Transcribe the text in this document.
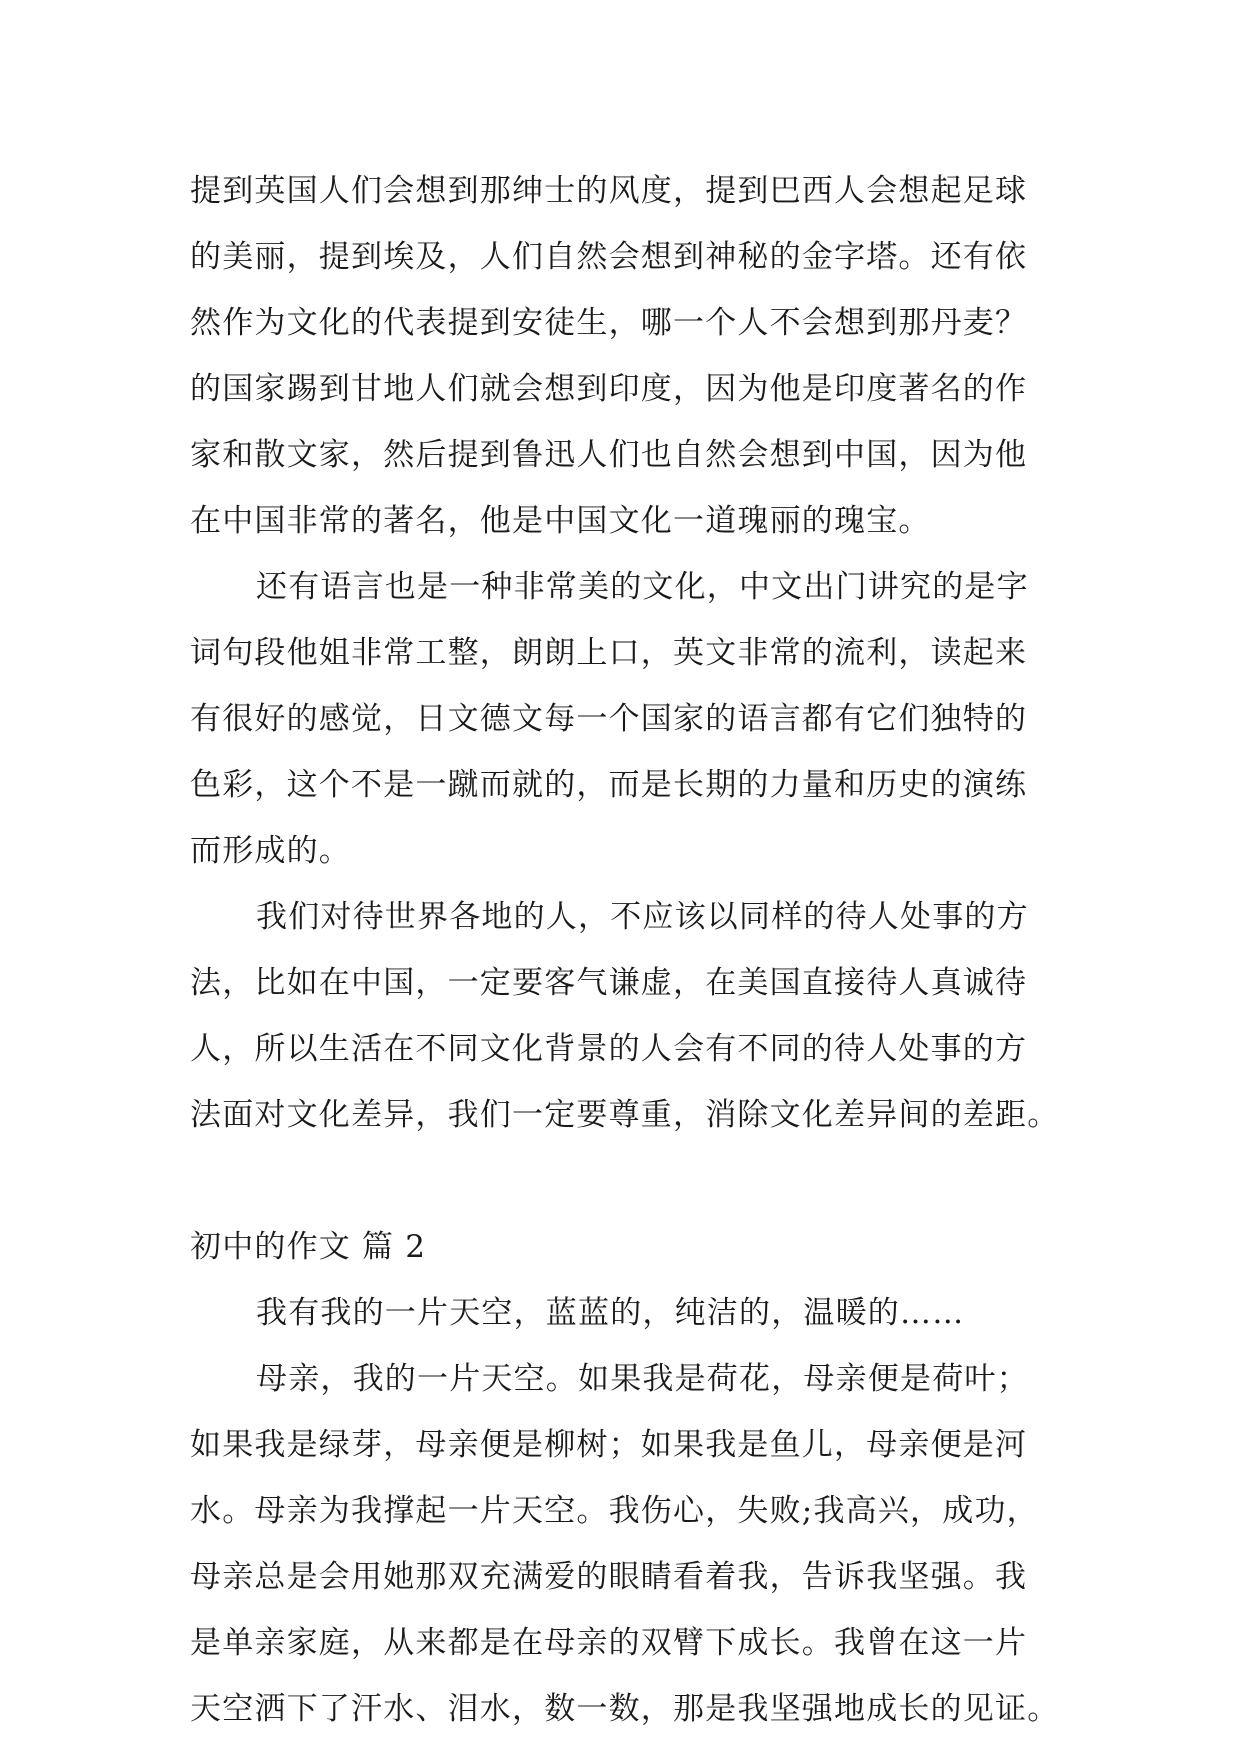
提到英国人们会想到那绅士的风度，提到巴西人会想起足球
的美丽，提到埃及，人们自然会想到神秘的金字塔。还有依
然作为文化的代表提到安徒生，哪一个人不会想到那丹麦？
的国家踢到甘地人们就会想到印度，因为他是印度著名的作
家和散文家，然后提到鲁迅人们也自然会想到中国，因为他
在中国非常的著名，他是中国文化一道瑰丽的瑰宝。
还有语言也是一种非常美的文化，中文出门讲究的是字
词句段他姐非常工整，朗朗上口，英文非常的流利，读起来
有很好的感觉，日文德文每一个国家的语言都有它们独特的
色彩，这个不是一蹴而就的，而是长期的力量和历史的演练
而形成的。
我们对待世界各地的人，不应该以同样的待人处事的方
法，比如在中国，一定要客气谦虚，在美国直接待人真诚待
人，所以生活在不同文化背景的人会有不同的待人处事的方
法面对文化差异，我们一定要尊重，消除文化差异间的差距。
初中的作文 篇 2
我有我的一片天空，蓝蓝的，纯洁的，温暖的……
母亲，我的一片天空。如果我是荷花，母亲便是荷叶；
如果我是绿芽，母亲便是柳树；如果我是鱼儿，母亲便是河
水。母亲为我撑起一片天空。我伤心，失败;我高兴，成功，
母亲总是会用她那双充满爱的眼睛看着我，告诉我坚强。我
是单亲家庭，从来都是在母亲的双臂下成长。我曾在这一片
天空洒下了汗水、泪水，数一数，那是我坚强地成长的见证。
